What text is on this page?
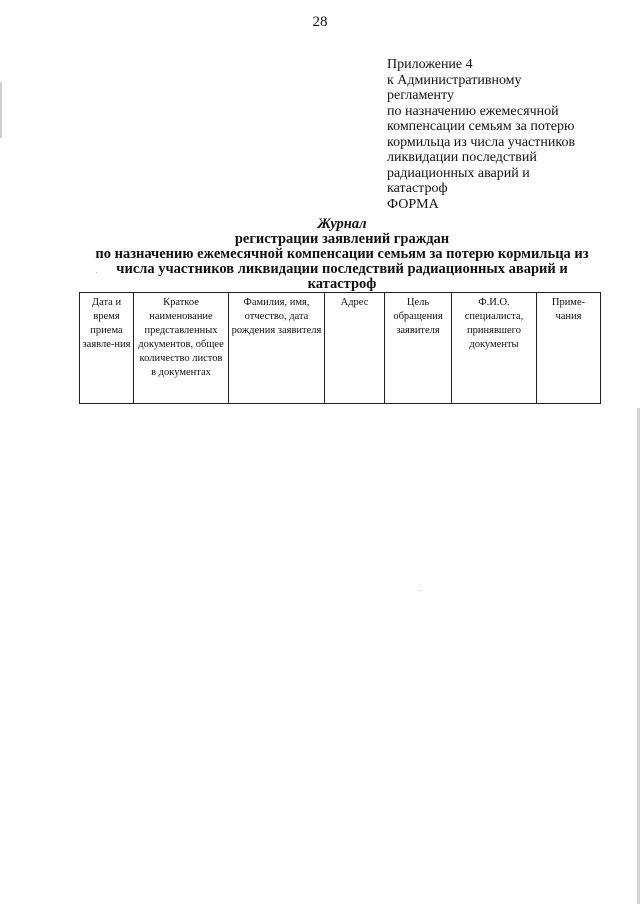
28
Приложение 4
к Административному
регламенту
по назначению ежемесячной
компенсации семьям за потерю
кормильца из числа участников
ликвидации последствий
радиационных аварий и
катастроф
ФОРМА
Журнал
регистрации заявлений граждан
по назначению ежемесячной компенсации семьям за потерю кормильца из
числа участников ликвидации последствий радиационных аварий и
катастроф
Дата и время приема заявле-ния	Краткое наименование представленных документов, общее количество листов в документах	Фамилия, имя, отчество, дата рождения заявителя	Адрес	Цель обращения заявителя	Ф.И.О. специалиста, принявшего документы	Приме-чания
